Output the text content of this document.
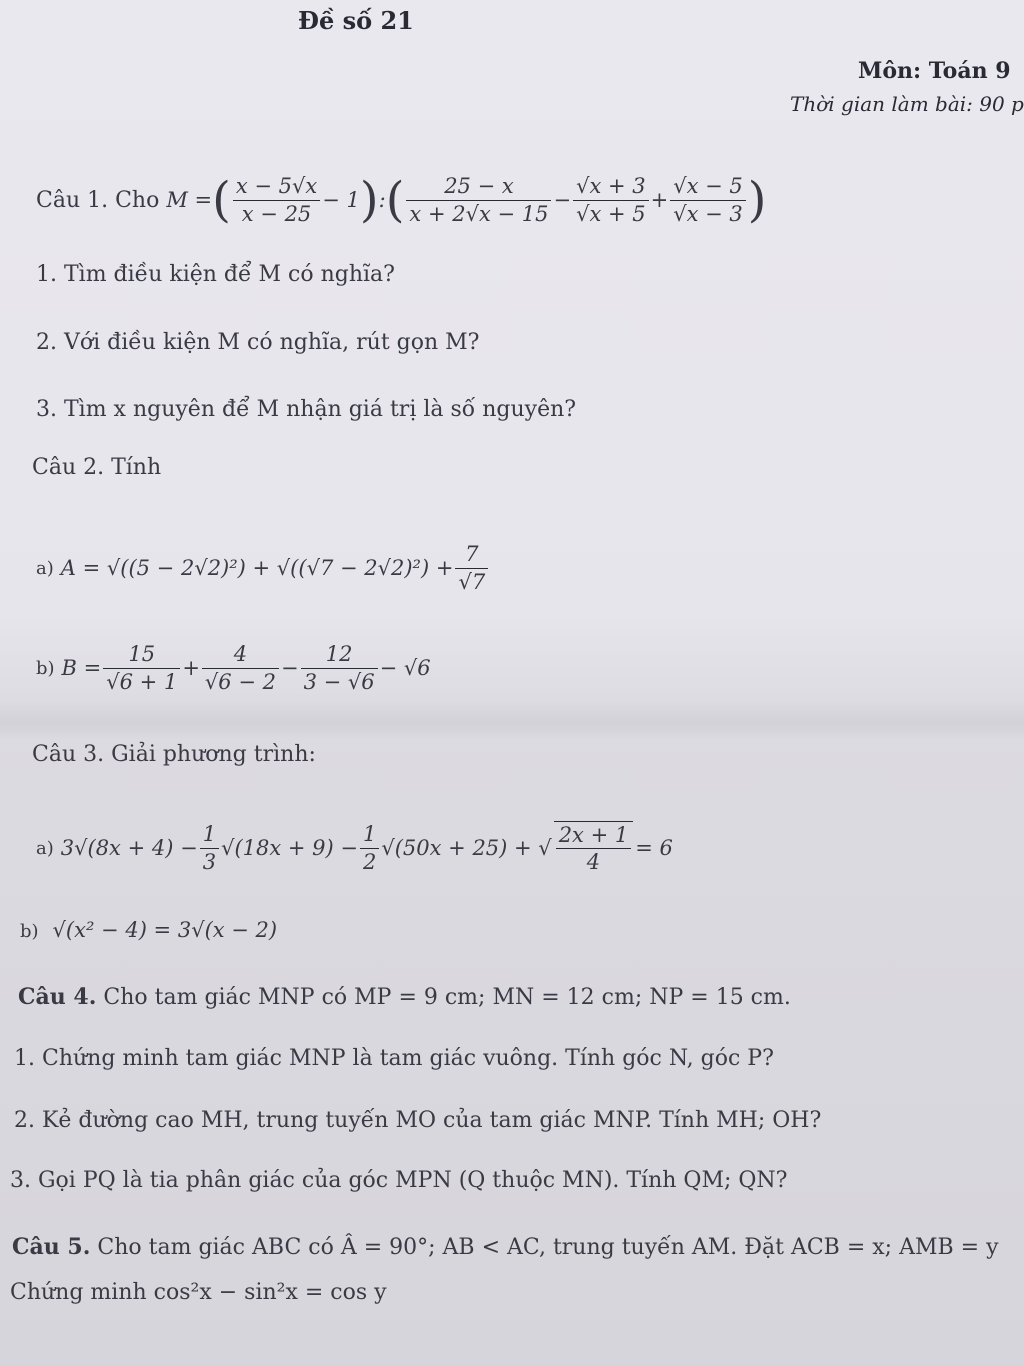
Đề số 21
Môn: Toán 9
Thời gian làm bài: 90 p
Câu 1. Cho
M = ( $\frac{x - 5√x}{x - 25} - 1$ ) : ( $\frac{25 - x}{x + 2√x - 15} - \frac{√x + 3}{√x + 5} + \frac{√x - 5}{√x - 3}$ )
1. Tìm điều kiện để M có nghĩa?
2. Với điều kiện M có nghĩa, rút gọn M?
3. Tìm x nguyên để M nhận giá trị là số nguyên?
Câu 2. Tính
a)
$A = √((5 - 2√2)^2) + √((√7 - 2√2)^2) + \frac{7}{√7}$
b)
$B = \frac{15}{√6 + 1} + \frac{4}{√6 - 2} - \frac{12}{3 - √6} - √6$
Câu 3. Giải phương trình:
a)
$3√(8x + 4) - \frac{1}{3} √(18x + 9) - \frac{1}{2} √(50x + 25)$ + √ $\frac{2x + 1}{4} = 6$
b) √(x² − 4) = 3√(x − 2)
Câu 4. Cho tam giác MNP có MP = 9 cm; MN = 12 cm; NP = 15 cm.
1. Chứng minh tam giác MNP là tam giác vuông. Tính góc N, góc P?
2. Kẻ đường cao MH, trung tuyến MO của tam giác MNP. Tính MH; OH?
3. Gọi PQ là tia phân giác của góc MPN (Q thuộc MN). Tính QM; QN?
Câu 5. Cho tam giác ABC có Â = 90°; AB < AC, trung tuyến AM. Đặt ACB = x; AMB = y
Chứng minh cos²x − sin²x = cos y
